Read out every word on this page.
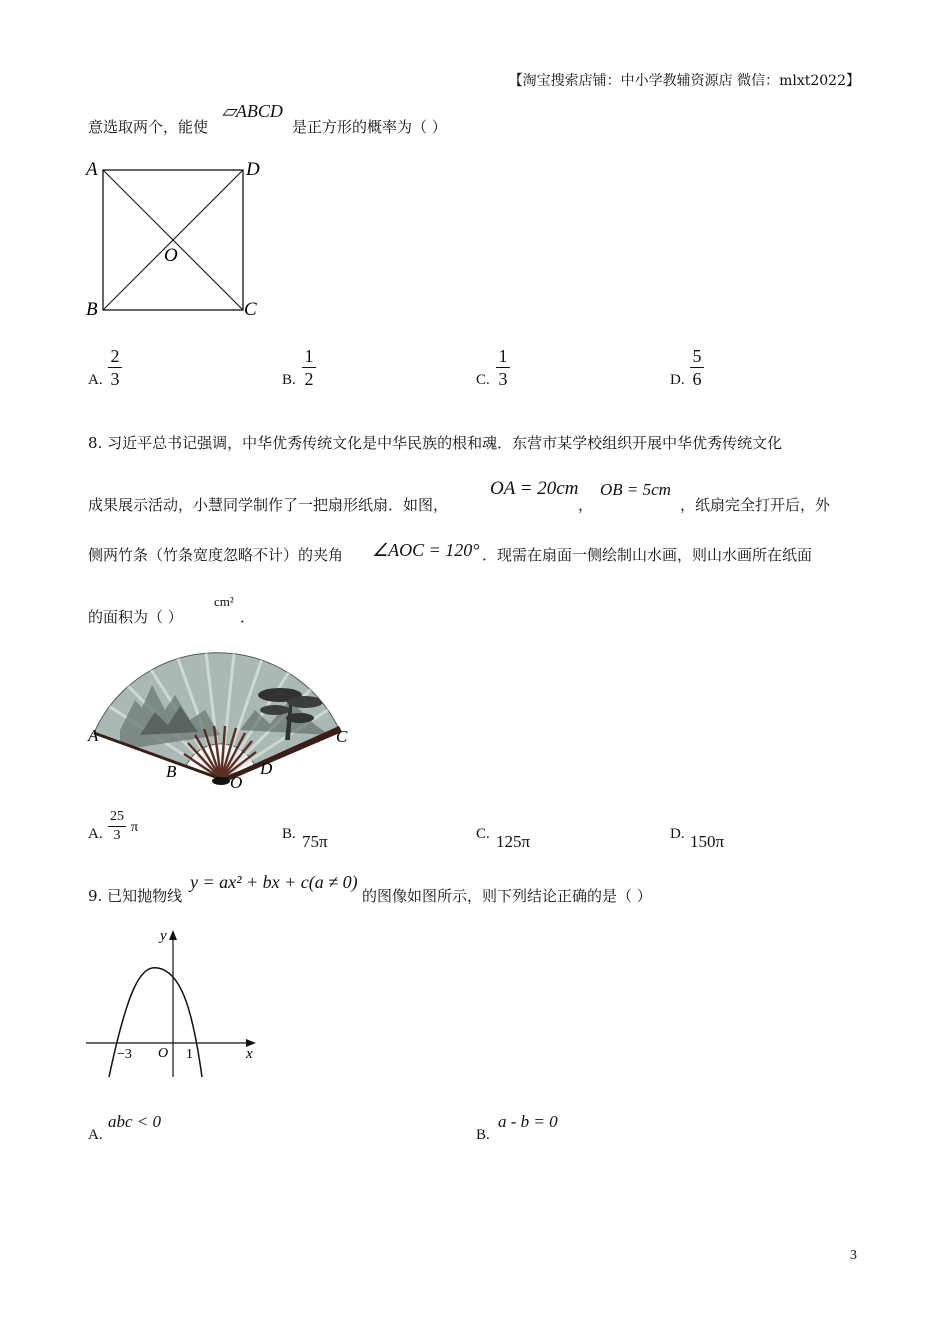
【淘宝搜索店铺：中小学教辅资源店 微信：mlxt2022】
意选取两个，能使
▱ABCD
是正方形的概率为（ ）
A	D
O
B	C
A.
2
3	B.
1
2	C.
1
3	D.
5
6
8. 习近平总书记强调，中华优秀传统文化是中华民族的根和魂．东营市某学校组织开展中华优秀传统文化
成果展示活动，小慧同学制作了一把扇形纸扇．如图，
OA = 20cm
，
OB = 5cm
，纸扇完全打开后，外
侧两竹条（竹条宽度忽略不计）的夹角 ∠AOC = 120° ．现需在扇面一侧绘制山水画，则山水画所在纸面
的面积为（ ）
cm²
．
A	C
B	D
O
A.
25
3
π	B. 75π	C. 125π	D. 150π
9. 已知抛物线
y = ax² + bx + c(a ≠ 0)
的图像如图所示，则下列结论正确的是（ ）
y
x
O
−3	1
A.
abc < 0
B.
a - b = 0
3
